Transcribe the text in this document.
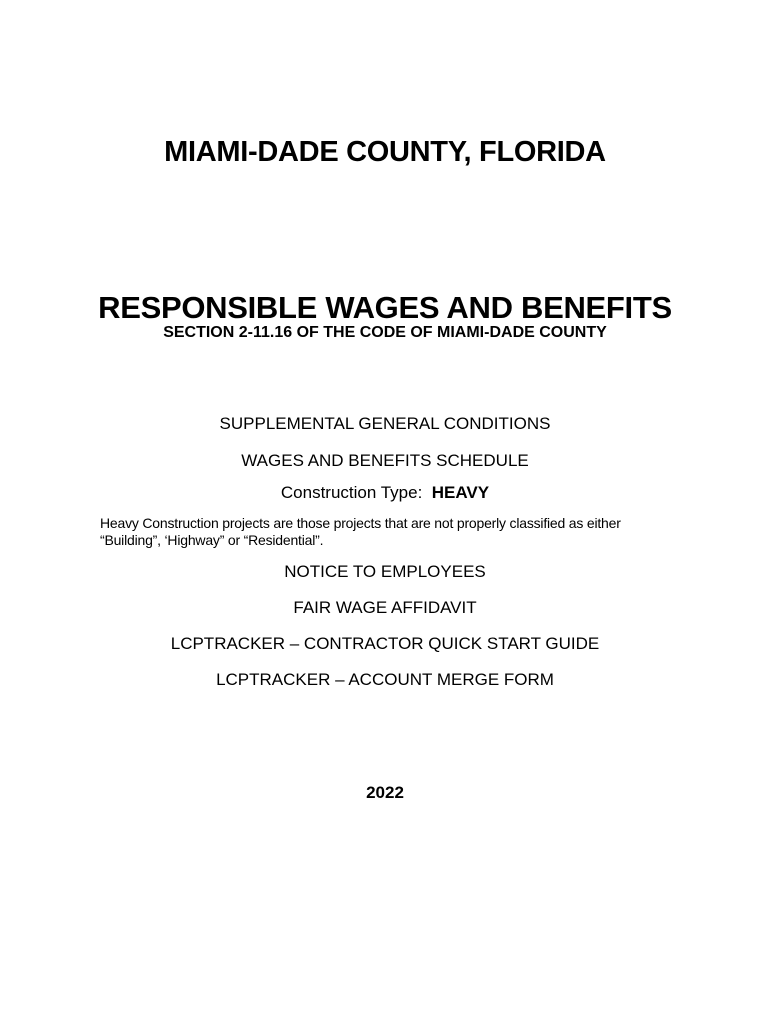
MIAMI-DADE COUNTY, FLORIDA
RESPONSIBLE WAGES AND BENEFITS
SECTION 2-11.16 OF THE CODE OF MIAMI-DADE COUNTY
SUPPLEMENTAL GENERAL CONDITIONS
WAGES AND BENEFITS SCHEDULE
Construction Type: HEAVY
Heavy Construction projects are those projects that are not properly classified as either
“Building”, ‘Highway” or “Residential”.
NOTICE TO EMPLOYEES
FAIR WAGE AFFIDAVIT
LCPTRACKER – CONTRACTOR QUICK START GUIDE
LCPTRACKER – ACCOUNT MERGE FORM
2022
